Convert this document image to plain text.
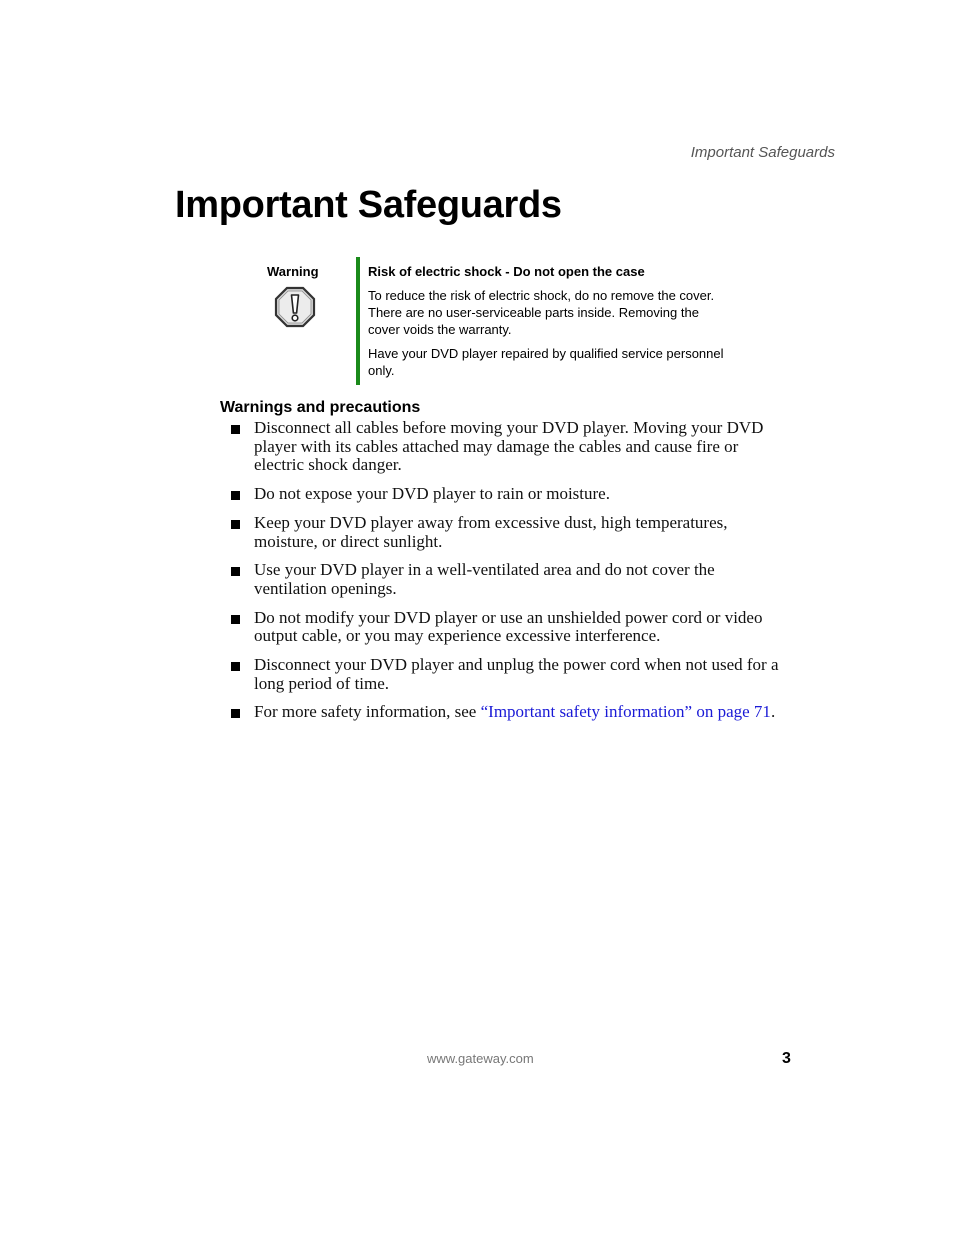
Important Safeguards
Important Safeguards
Warning	Risk of electric shock - Do not open the case

To reduce the risk of electric shock, do no remove the cover. There are no user-serviceable parts inside. Removing the cover voids the warranty.

Have your DVD player repaired by qualified service personnel only.

Warnings and precautions
Disconnect all cables before moving your DVD player. Moving your DVD player with its cables attached may damage the cables and cause fire or electric shock danger.
Do not expose your DVD player to rain or moisture.
Keep your DVD player away from excessive dust, high temperatures, moisture, or direct sunlight.
Use your DVD player in a well-ventilated area and do not cover the ventilation openings.
Do not modify your DVD player or use an unshielded power cord or video output cable, or you may experience excessive interference.
Disconnect your DVD player and unplug the power cord when not used for a long period of time.
For more safety information, see “Important safety information” on page 71.
www.gateway.com	3
